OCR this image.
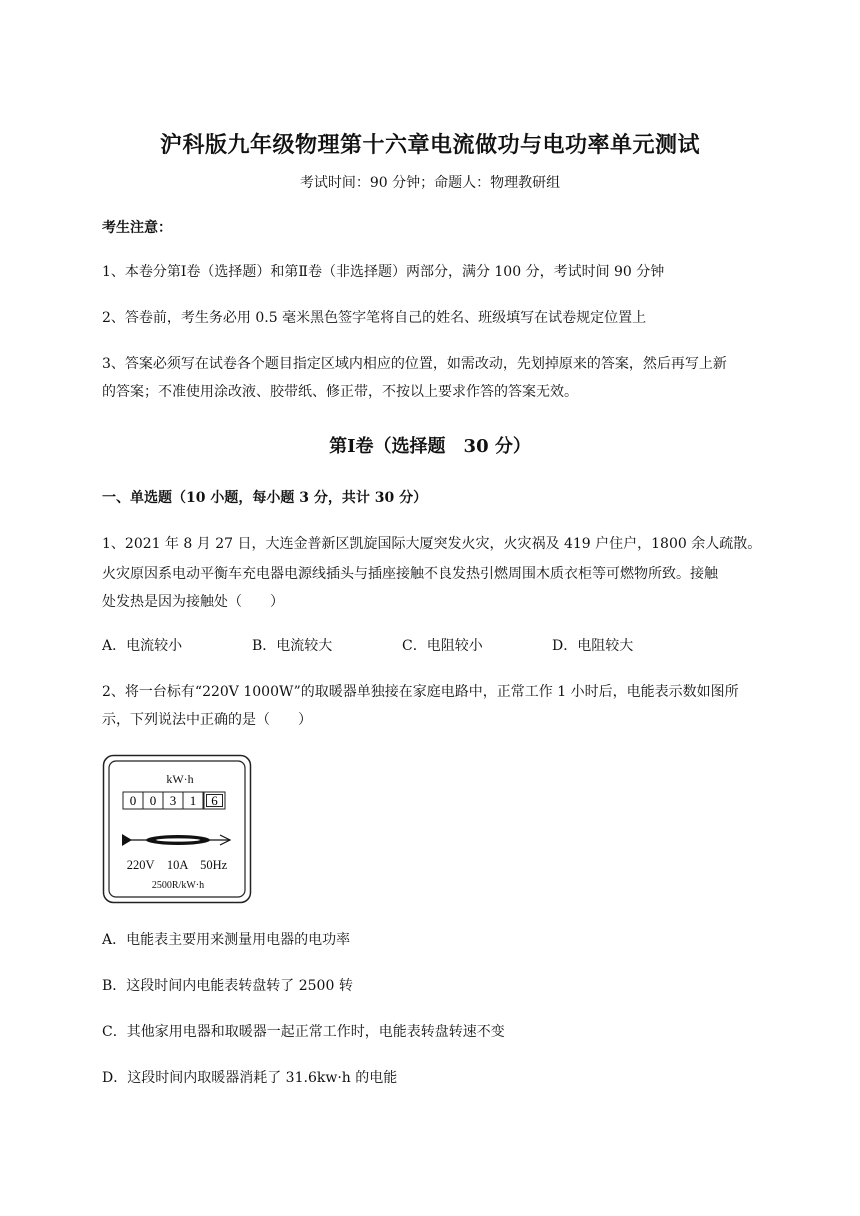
沪科版九年级物理第十六章电流做功与电功率单元测试
考试时间：90 分钟；命题人：物理教研组
考生注意：
1、本卷分第Ⅰ卷（选择题）和第Ⅱ卷（非选择题）两部分，满分 100 分，考试时间 90 分钟
2、答卷前，考生务必用 0.5 毫米黑色签字笔将自己的姓名、班级填写在试卷规定位置上
3、答案必须写在试卷各个题目指定区域内相应的位置，如需改动，先划掉原来的答案，然后再写上新
的答案；不准使用涂改液、胶带纸、修正带，不按以上要求作答的答案无效。
第Ⅰ卷（选择题　30 分）
一、单选题（10 小题，每小题 3 分，共计 30 分）
1、2021 年 8 月 27 日，大连金普新区凯旋国际大厦突发火灾，火灾祸及 419 户住户，1800 余人疏散。
火灾原因系电动平衡车充电器电源线插头与插座接触不良发热引燃周围木质衣柜等可燃物所致。接触
处发热是因为接触处（　　）
A．电流较小	B．电流较大	C．电阻较小	D．电阻较大
2、将一台标有“220V 1000W”的取暖器单独接在家庭电路中，正常工作 1 小时后，电能表示数如图所
示，下列说法中正确的是（　　）
kW·h
0 0 3 1 6
220V　10A　50Hz
2500R/kW·h
A．电能表主要用来测量用电器的电功率
B．这段时间内电能表转盘转了 2500 转
C．其他家用电器和取暖器一起正常工作时，电能表转盘转速不变
D．这段时间内取暖器消耗了 31.6kw·h 的电能
